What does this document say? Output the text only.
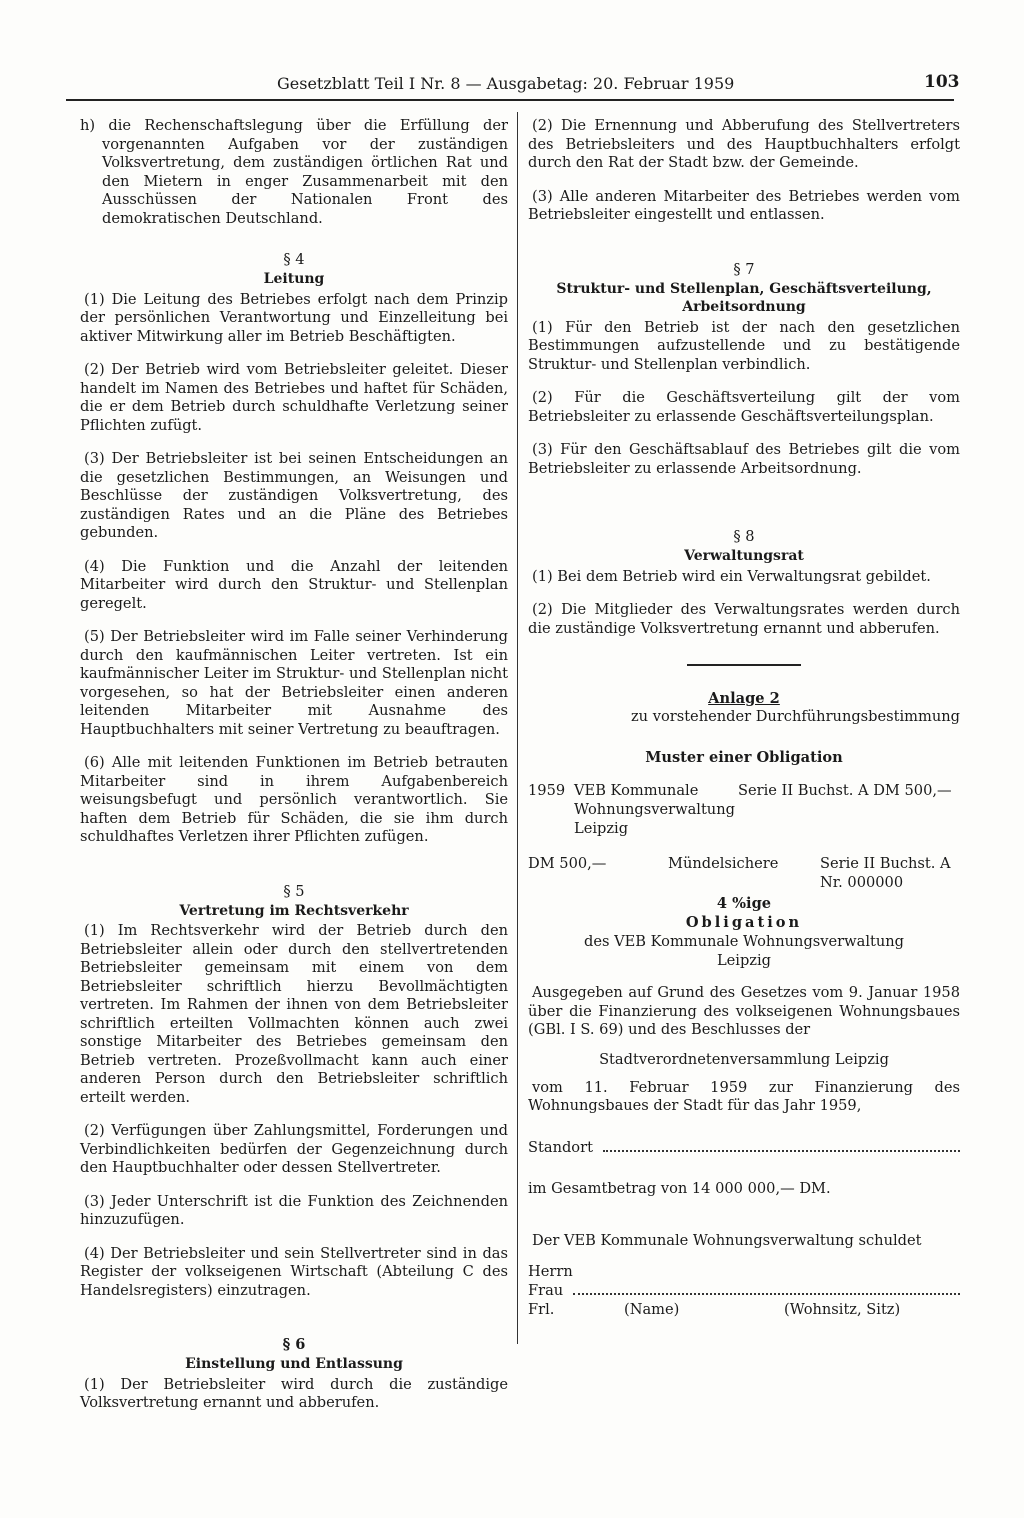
Gesetzblatt Teil I Nr. 8 — Ausgabetag: 20. Februar 1959	103

h) die Rechenschaftslegung über die Erfüllung der vorgenannten Aufgaben vor der zuständigen Volksvertretung, dem zuständigen örtlichen Rat und den Mietern in enger Zusammenarbeit mit den Ausschüssen der Nationalen Front des demokratischen Deutschland.

§ 4
Leitung

(1) Die Leitung des Betriebes erfolgt nach dem Prinzip der persönlichen Verantwortung und Einzelleitung bei aktiver Mitwirkung aller im Betrieb Beschäftigten.

(2) Der Betrieb wird vom Betriebsleiter geleitet. Dieser handelt im Namen des Betriebes und haftet für Schäden, die er dem Betrieb durch schuldhafte Verletzung seiner Pflichten zufügt.

(3) Der Betriebsleiter ist bei seinen Entscheidungen an die gesetzlichen Bestimmungen, an Weisungen und Beschlüsse der zuständigen Volksvertretung, des zuständigen Rates und an die Pläne des Betriebes gebunden.

(4) Die Funktion und die Anzahl der leitenden Mitarbeiter wird durch den Struktur- und Stellenplan geregelt.

(5) Der Betriebsleiter wird im Falle seiner Verhinderung durch den kaufmännischen Leiter vertreten. Ist ein kaufmännischer Leiter im Struktur- und Stellenplan nicht vorgesehen, so hat der Betriebsleiter einen anderen leitenden Mitarbeiter mit Ausnahme des Hauptbuchhalters mit seiner Vertretung zu beauftragen.

(6) Alle mit leitenden Funktionen im Betrieb betrauten Mitarbeiter sind in ihrem Aufgabenbereich weisungsbefugt und persönlich verantwortlich. Sie haften dem Betrieb für Schäden, die sie ihm durch schuldhaftes Verletzen ihrer Pflichten zufügen.

§ 5
Vertretung im Rechtsverkehr

(1) Im Rechtsverkehr wird der Betrieb durch den Betriebsleiter allein oder durch den stellvertretenden Betriebsleiter gemeinsam mit einem von dem Betriebsleiter schriftlich hierzu Bevollmächtigten vertreten. Im Rahmen der ihnen von dem Betriebsleiter schriftlich erteilten Vollmachten können auch zwei sonstige Mitarbeiter des Betriebes gemeinsam den Betrieb vertreten. Prozeßvollmacht kann auch einer anderen Person durch den Betriebsleiter schriftlich erteilt werden.

(2) Verfügungen über Zahlungsmittel, Forderungen und Verbindlichkeiten bedürfen der Gegenzeichnung durch den Hauptbuchhalter oder dessen Stellvertreter.

(3) Jeder Unterschrift ist die Funktion des Zeichnenden hinzuzufügen.

(4) Der Betriebsleiter und sein Stellvertreter sind in das Register der volkseigenen Wirtschaft (Abteilung C des Handelsregisters) einzutragen.

§ 6
Einstellung und Entlassung

(1) Der Betriebsleiter wird durch die zuständige Volksvertretung ernannt und abberufen.

(2) Die Ernennung und Abberufung des Stellvertreters des Betriebsleiters und des Hauptbuchhalters erfolgt durch den Rat der Stadt bzw. der Gemeinde.

(3) Alle anderen Mitarbeiter des Betriebes werden vom Betriebsleiter eingestellt und entlassen.

§ 7
Struktur- und Stellenplan, Geschäftsverteilung, Arbeitsordnung

(1) Für den Betrieb ist der nach den gesetzlichen Bestimmungen aufzustellende und zu bestätigende Struktur- und Stellenplan verbindlich.

(2) Für die Geschäftsverteilung gilt der vom Betriebsleiter zu erlassende Geschäftsverteilungsplan.

(3) Für den Geschäftsablauf des Betriebes gilt die vom Betriebsleiter zu erlassende Arbeitsordnung.

§ 8
Verwaltungsrat

(1) Bei dem Betrieb wird ein Verwaltungsrat gebildet.

(2) Die Mitglieder des Verwaltungsrates werden durch die zuständige Volksvertretung ernannt und abberufen.

Anlage 2
zu vorstehender Durchführungsbestimmung
Muster einer Obligation
1959 VEB Kommunale
Wohnungsverwaltung
Leipzig
Serie II Buchst. A DM 500,—
DM 500,—	Mündelsichere	Serie II Buchst. A
Nr. 000000
4 %ige
Obligation
des VEB Kommunale Wohnungsverwaltung
Leipzig

Ausgegeben auf Grund des Gesetzes vom 9. Januar 1958 über die Finanzierung des volkseigenen Wohnungsbaues (GBl. I S. 69) und des Beschlusses der

Stadtverordnetenversammlung Leipzig

vom 11. Februar 1959 zur Finanzierung des Wohnungsbaues der Stadt für das Jahr 1959,

Standort
im Gesamtbetrag von 14 000 000,— DM.

Der VEB Kommunale Wohnungsverwaltung schuldet

Herrn
Frau
Frl.	(Name)	(Wohnsitz, Sitz)
